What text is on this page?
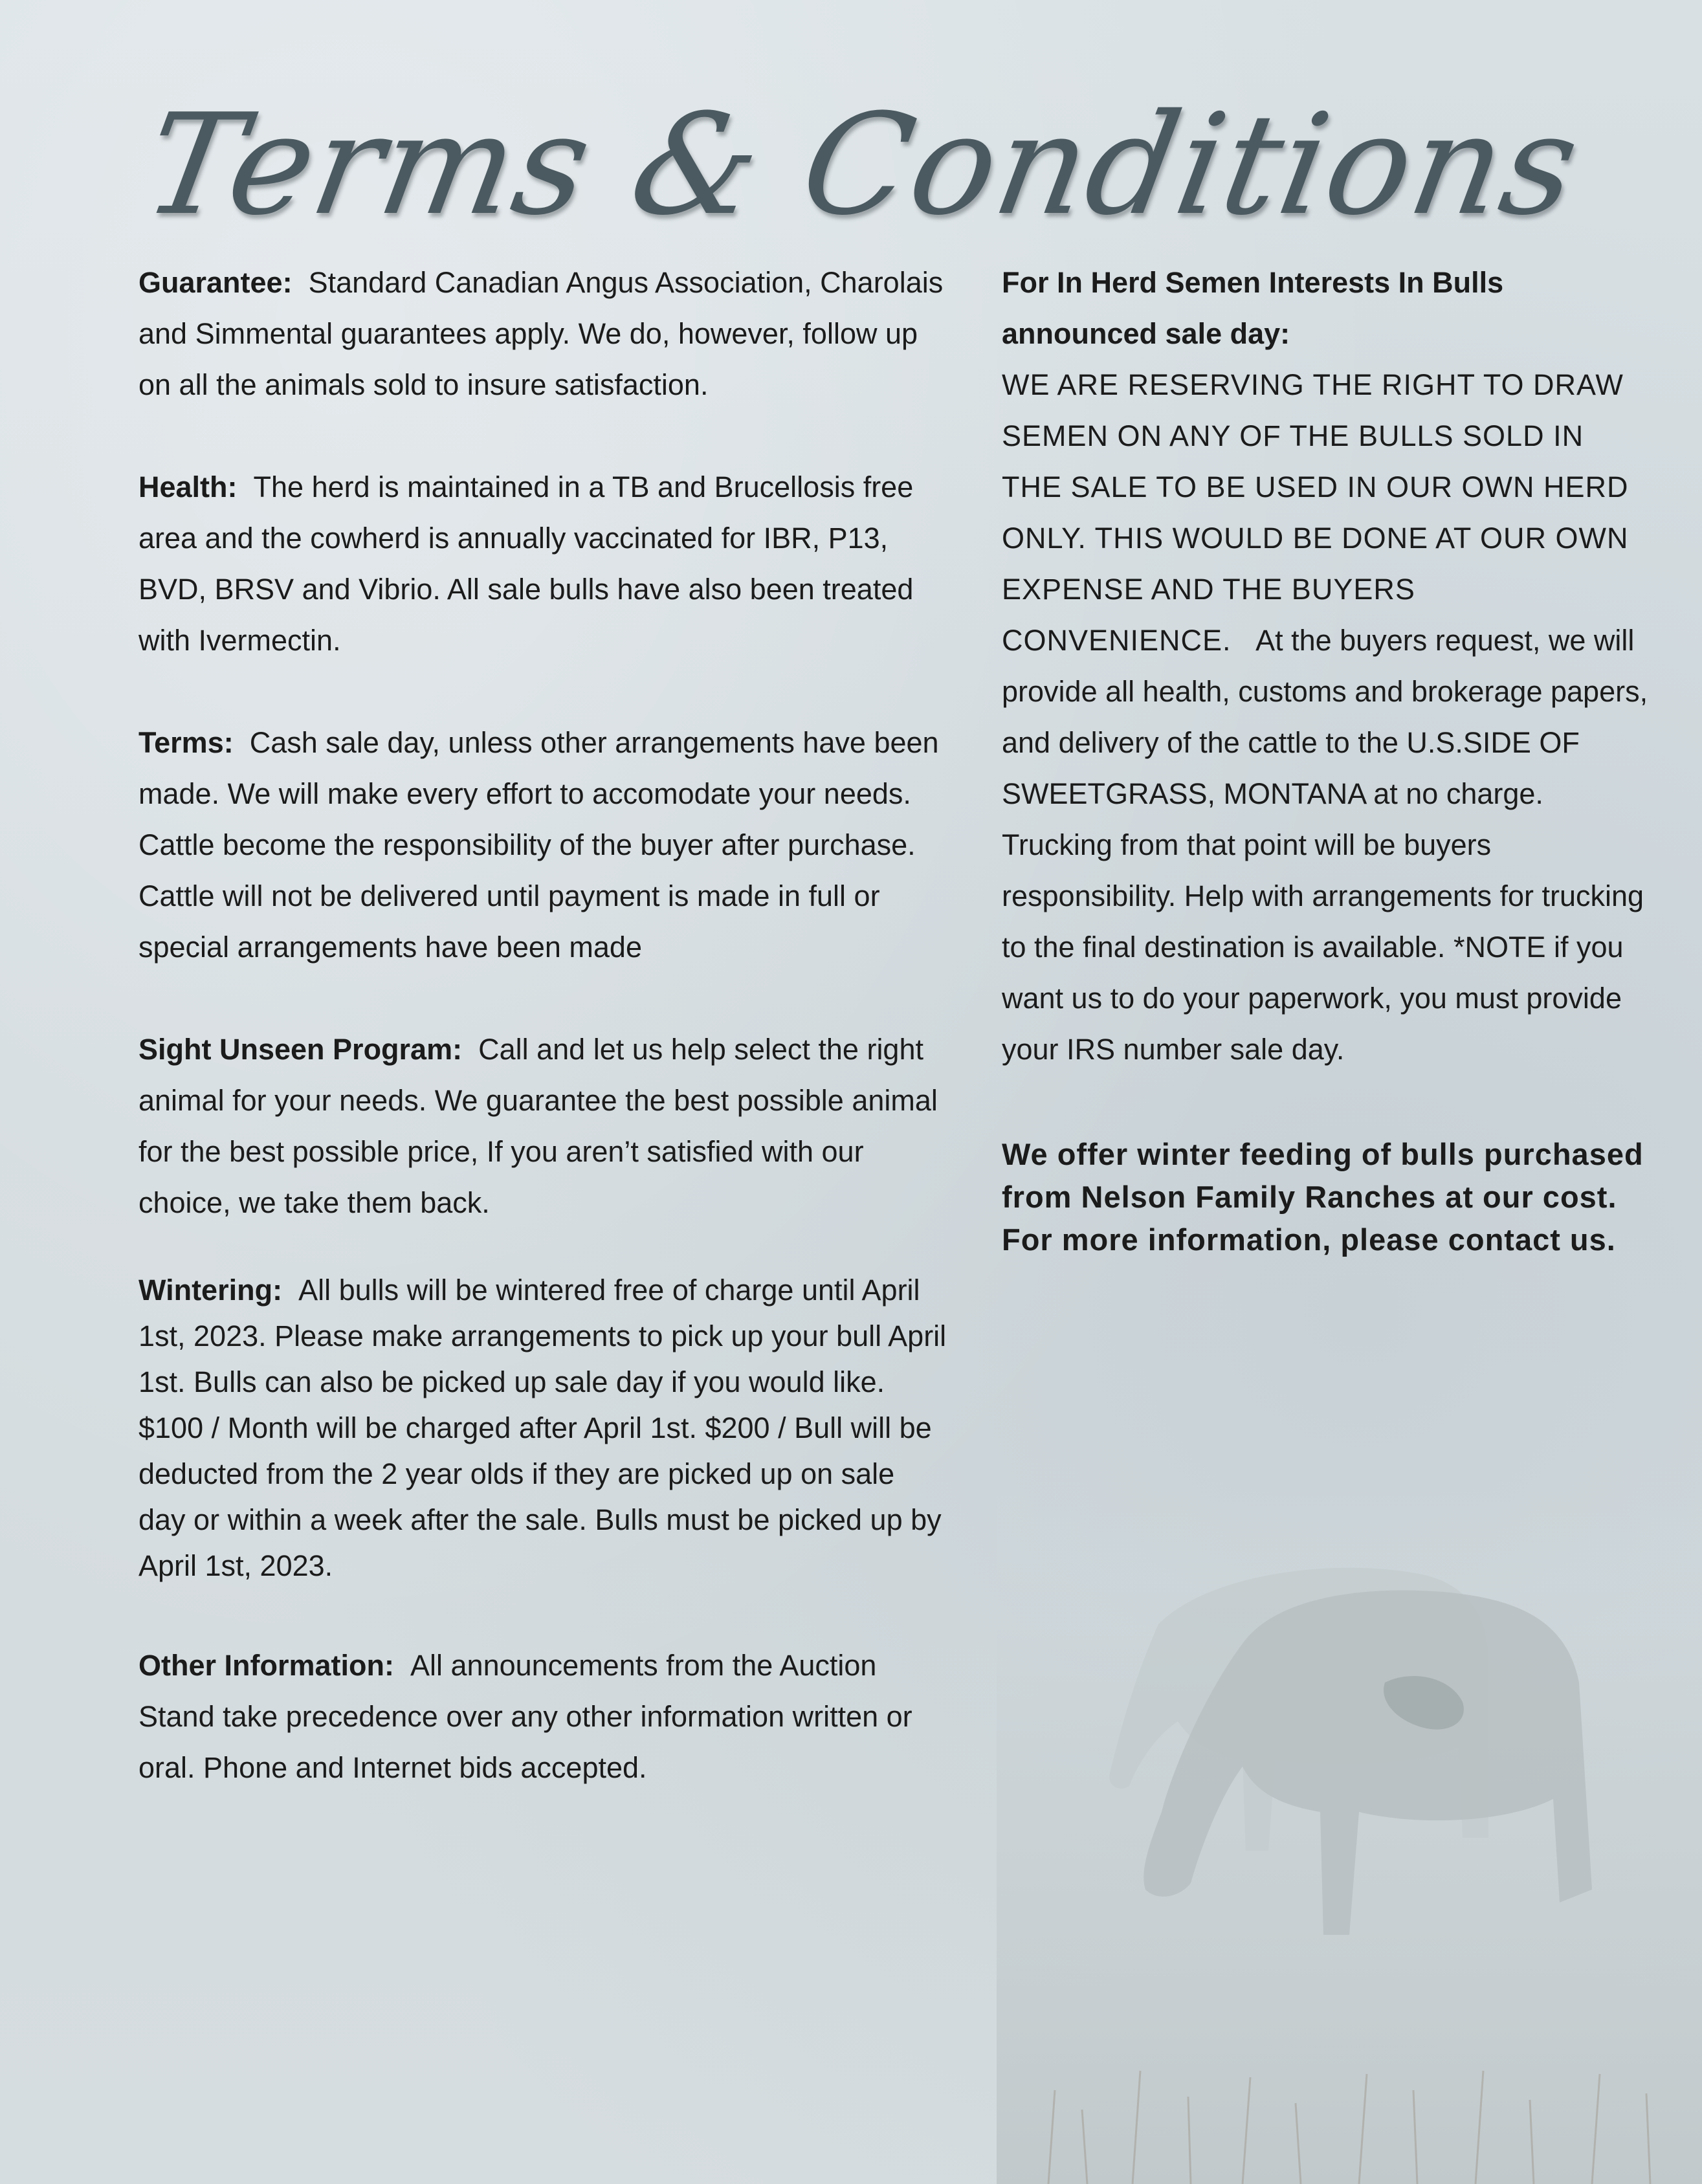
Terms & Conditions

Guarantee: Standard Canadian Angus Association, Charolais and Simmental guarantees apply. We do, however, follow up on all the animals sold to insure satisfaction.

Health: The herd is maintained in a TB and Brucellosis free area and the cowherd is annually vaccinated for IBR, P13, BVD, BRSV and Vibrio. All sale bulls have also been treated with Ivermectin.

Terms: Cash sale day, unless other arrangements have been made. We will make every effort to accomodate your needs. Cattle become the responsibility of the buyer after purchase. Cattle will not be delivered until payment is made in full or special arrangements have been made

Sight Unseen Program: Call and let us help select the right animal for your needs. We guarantee the best possible animal for the best possible price, If you aren’t satisfied with our choice, we take them back.

Wintering: All bulls will be wintered free of charge until April 1st, 2023. Please make arrangements to pick up your bull April 1st. Bulls can also be picked up sale day if you would like. $100 / Month will be charged after April 1st. $200 / Bull will be deducted from the 2 year olds if they are picked up on sale day or within a week after the sale. Bulls must be picked up by April 1st, 2023.

Other Information: All announcements from the Auction Stand take precedence over any other information written or oral. Phone and Internet bids accepted.

For In Herd Semen Interests In Bulls announced sale day:
WE ARE RESERVING THE RIGHT TO DRAW SEMEN ON ANY OF THE BULLS SOLD IN THE SALE TO BE USED IN OUR OWN HERD ONLY. THIS WOULD BE DONE AT OUR OWN EXPENSE AND THE BUYERS CONVENIENCE. At the buyers request, we will provide all health, customs and brokerage papers, and delivery of the cattle to the U.S.SIDE OF SWEETGRASS, MONTANA at no charge. Trucking from that point will be buyers responsibility. Help with arrangements for trucking to the final destination is available. *NOTE if you want us to do your paperwork, you must provide your IRS number sale day.

We offer winter feeding of bulls purchased from Nelson Family Ranches at our cost. For more information, please contact us.
